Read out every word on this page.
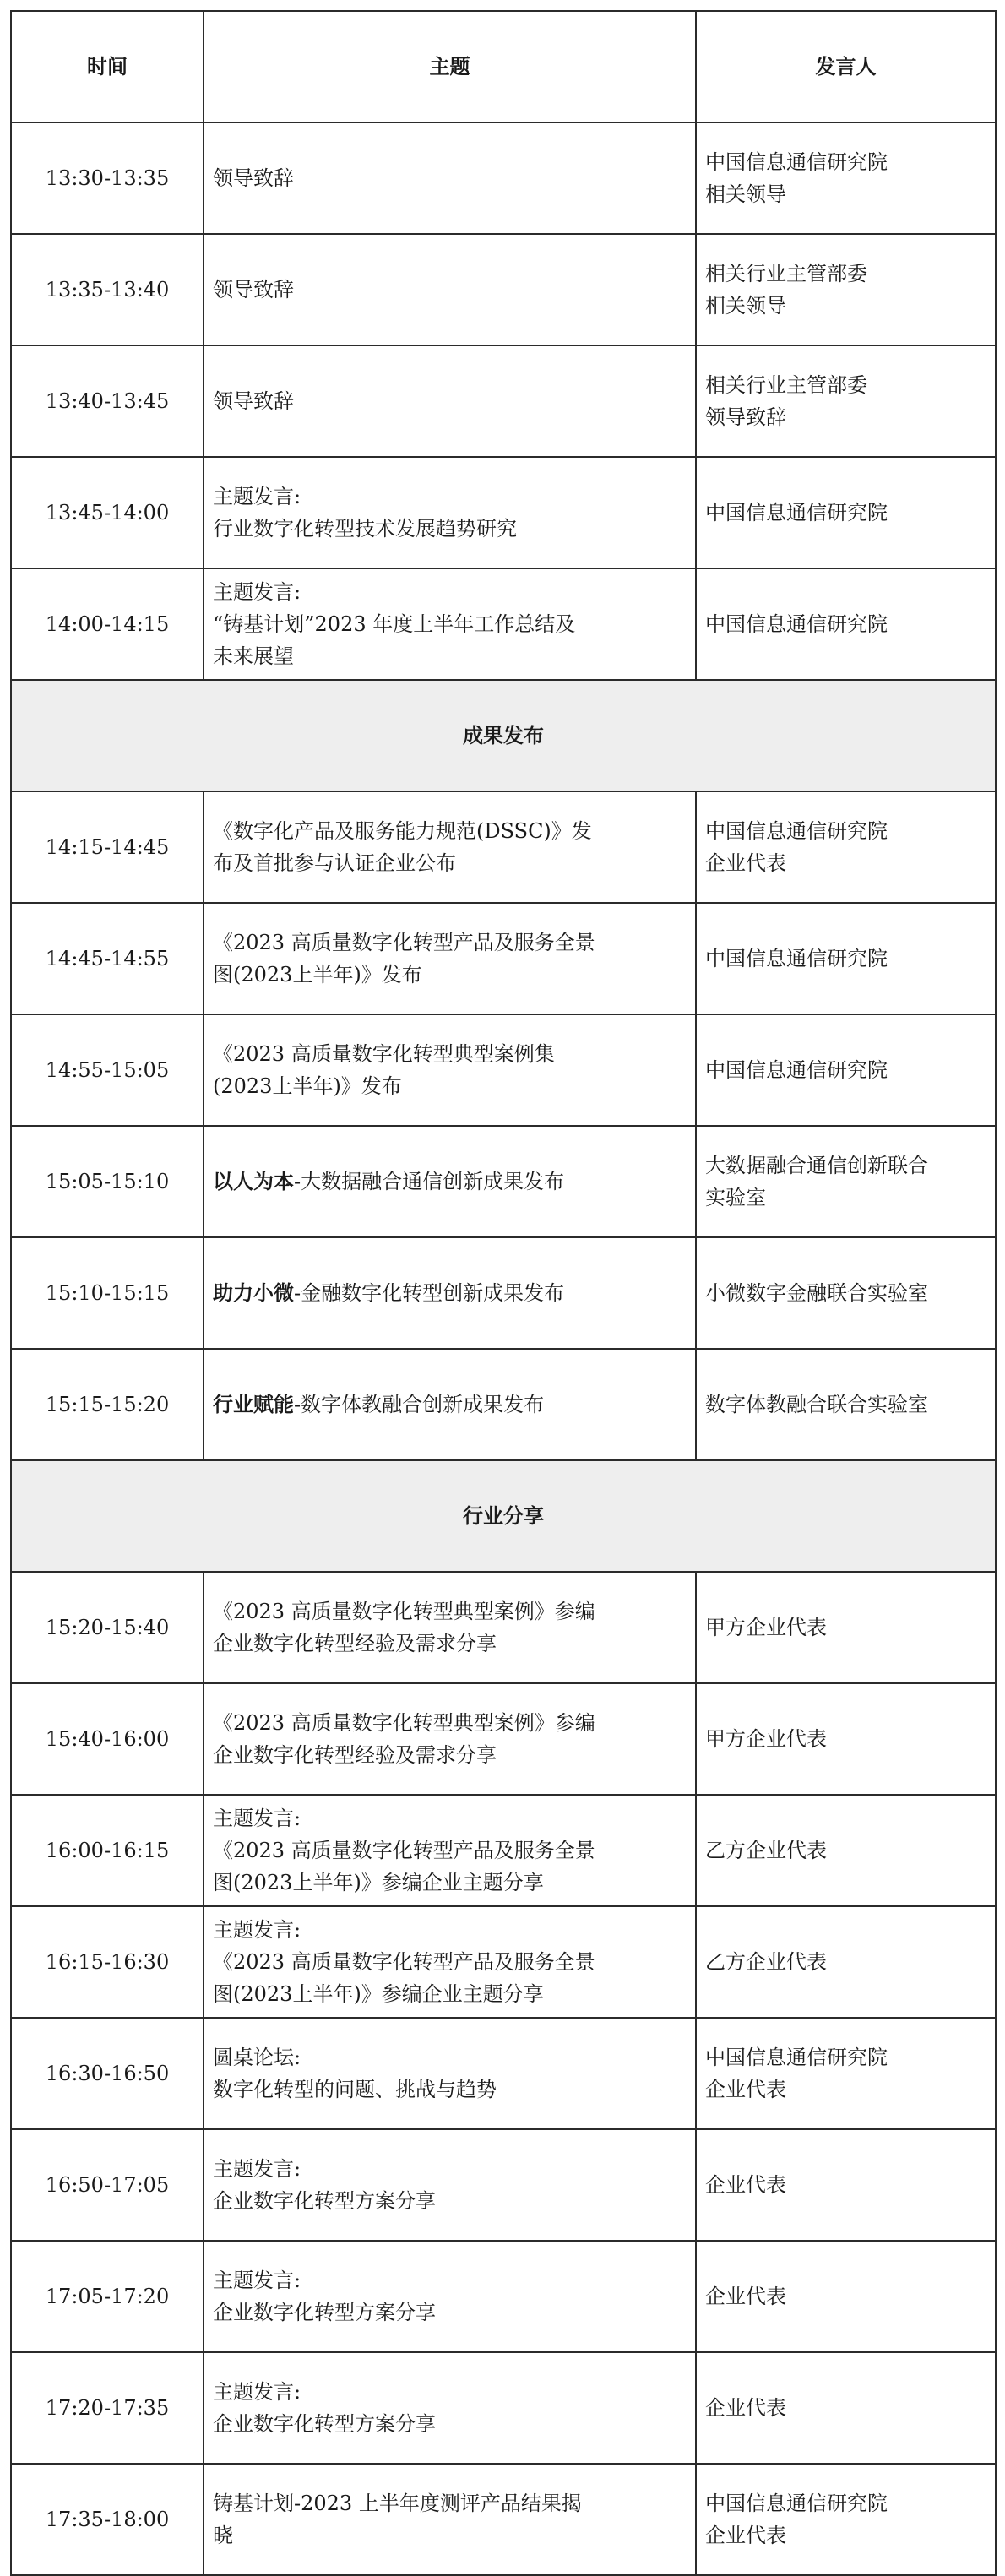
时间	主题	发言人
13:30-13:35	领导致辞	中国信息通信研究院
相关领导

13:35-13:40	领导致辞	相关行业主管部委
相关领导

13:40-13:45	领导致辞	相关行业主管部委
领导致辞

13:45-14:00	主题发言:
行业数字化转型技术发展趋势研究	中国信息通信研究院

14:00-14:15	主题发言:
“铸基计划”2023 年度上半年工作总结及
未来展望	中国信息通信研究院

成果发布		
14:15-14:45	《数字化产品及服务能力规范(DSSC)》发
布及首批参与认证企业公布	中国信息通信研究院
企业代表

14:45-14:55	《2023 高质量数字化转型产品及服务全景
图(2023上半年)》发布	中国信息通信研究院

14:55-15:05	《2023 高质量数字化转型典型案例集
(2023上半年)》发布	中国信息通信研究院

15:05-15:10	以人为本-大数据融合通信创新成果发布	大数据融合通信创新联合
实验室

15:10-15:15	助力小微-金融数字化转型创新成果发布	小微数字金融联合实验室

15:15-15:20	行业赋能-数字体教融合创新成果发布	数字体教融合联合实验室

行业分享		
15:20-15:40	《2023 高质量数字化转型典型案例》参编
企业数字化转型经验及需求分享	甲方企业代表

15:40-16:00	《2023 高质量数字化转型典型案例》参编
企业数字化转型经验及需求分享	甲方企业代表

16:00-16:15	主题发言:
《2023 高质量数字化转型产品及服务全景
图(2023上半年)》参编企业主题分享	乙方企业代表

16:15-16:30	主题发言:
《2023 高质量数字化转型产品及服务全景
图(2023上半年)》参编企业主题分享	乙方企业代表

16:30-16:50	圆桌论坛:
数字化转型的问题、挑战与趋势	中国信息通信研究院
企业代表

16:50-17:05	主题发言:
企业数字化转型方案分享	企业代表

17:05-17:20	主题发言:
企业数字化转型方案分享	企业代表

17:20-17:35	主题发言:
企业数字化转型方案分享	企业代表

17:35-18:00	铸基计划-2023 上半年度测评产品结果揭
晓	中国信息通信研究院
企业代表
